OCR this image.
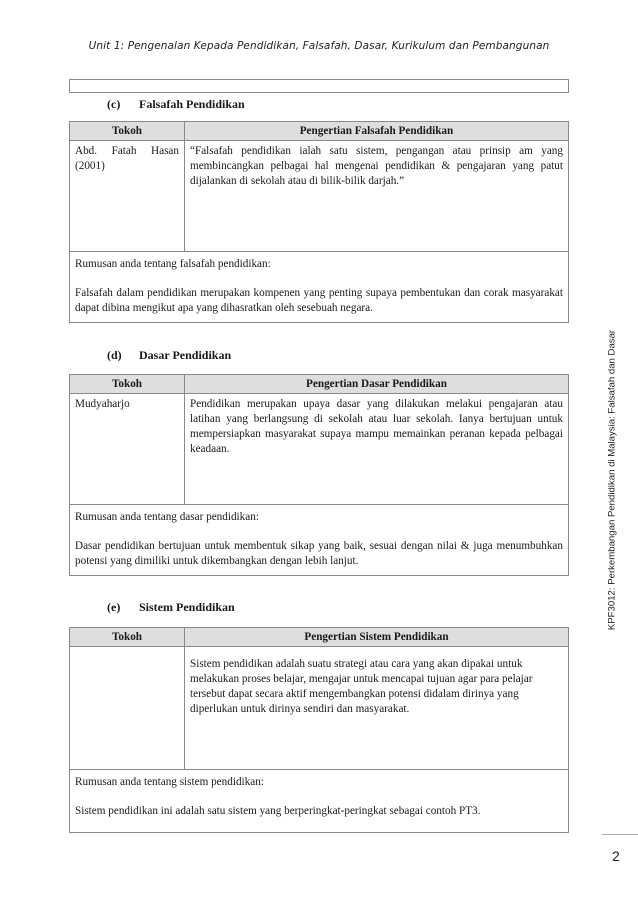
Unit 1: Pengenalan Kepada Pendidikan, Falsafah, Dasar, Kurikulum dan Pembangunan
KPF3012: Perkembangan Pendidikan di Malaysia: Falsafah dan Dasar
(c) Falsafah Pendidikan
Tokoh	Pengertian Falsafah Pendidikan
Abd. Fatah Hasan (2001)	“Falsafah pendidikan ialah satu sistem, pengangan atau prinsip am yang membincangkan pelbagai hal mengenai pendidikan & pengajaran yang patut dijalankan di sekolah atau di bilik-bilik darjah.”

Rumusan anda tentang falsafah pendidikan:
Falsafah dalam pendidikan merupakan kompenen yang penting supaya pembentukan dan corak masyarakat dapat dibina mengikut apa yang dihasratkan oleh sesebuah negara.	
(d) Dasar Pendidikan
Tokoh	Pengertian Dasar Pendidikan
Mudyaharjo	Pendidikan merupakan upaya dasar yang dilakukan melakui pengajaran atau latihan yang berlangsung di sekolah atau luar sekolah. Ianya bertujuan untuk mempersiapkan masyarakat supaya mampu memainkan peranan kepada pelbagai keadaan.

Rumusan anda tentang dasar pendidikan:
Dasar pendidikan bertujuan untuk membentuk sikap yang baik, sesuai dengan nilai & juga menumbuhkan potensi yang dimiliki untuk dikembangkan dengan lebih lanjut.	
(e) Sistem Pendidikan
Tokoh	Pengertian Sistem Pendidikan
	Sistem pendidikan adalah suatu strategi atau cara yang akan dipakai untuk melakukan proses belajar, mengajar untuk mencapai tujuan agar para pelajar tersebut dapat secara aktif mengembangkan potensi didalam dirinya yang diperlukan untuk dirinya sendiri dan masyarakat.

Rumusan anda tentang sistem pendidikan:
Sistem pendidikan ini adalah satu sistem yang berperingkat-peringkat sebagai contoh PT3.	
2
